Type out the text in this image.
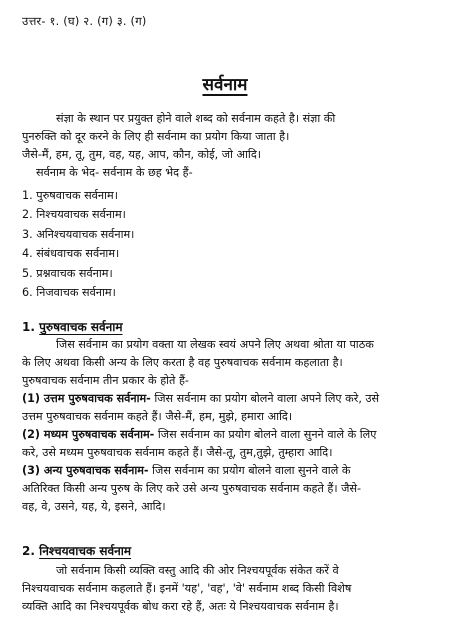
उत्तर- १. (घ) २. (ग) ३. (ग)
सर्वनाम
संज्ञा के स्थान पर प्रयुक्त होने वाले शब्द को सर्वनाम कहते है। संज्ञा की
पुनरुक्ति को दूर करने के लिए ही सर्वनाम का प्रयोग किया जाता है।
जैसे-मैं, हम, तू, तुम, वह, यह, आप, कौन, कोई, जो आदि।
सर्वनाम के भेद- सर्वनाम के छह भेद हैं-
1. पुरुषवाचक सर्वनाम।
2. निश्चयवाचक सर्वनाम।
3. अनिश्चयवाचक सर्वनाम।
4. संबंधवाचक सर्वनाम।
5. प्रश्नवाचक सर्वनाम।
6. निजवाचक सर्वनाम।
1. पुरुषवाचक सर्वनाम
जिस सर्वनाम का प्रयोग वक्ता या लेखक स्वयं अपने लिए अथवा श्रोता या पाठक
के लिए अथवा किसी अन्य के लिए करता है वह पुरुषवाचक सर्वनाम कहलाता है।
पुरुषवाचक सर्वनाम तीन प्रकार के होते हैं-
(1) उत्तम पुरुषवाचक सर्वनाम- जिस सर्वनाम का प्रयोग बोलने वाला अपने लिए करे, उसे
उत्तम पुरुषवाचक सर्वनाम कहते हैं। जैसे-मैं, हम, मुझे, हमारा आदि।
(2) मध्यम पुरुषवाचक सर्वनाम- जिस सर्वनाम का प्रयोग बोलने वाला सुनने वाले के लिए
करे, उसे मध्यम पुरुषवाचक सर्वनाम कहते हैं। जैसे-तू, तुम,तुझे, तुम्हारा आदि।
(3) अन्य पुरुषवाचक सर्वनाम- जिस सर्वनाम का प्रयोग बोलने वाला सुनने वाले के
अतिरिक्त किसी अन्य पुरुष के लिए करे उसे अन्य पुरुषवाचक सर्वनाम कहते हैं। जैसे-
वह, वे, उसने, यह, ये, इसने, आदि।
2. निश्चयवाचक सर्वनाम
जो सर्वनाम किसी व्यक्ति वस्तु आदि की ओर निश्चयपूर्वक संकेत करें वे
निश्चयवाचक सर्वनाम कहलाते हैं। इनमें 'यह', 'वह', 'वे' सर्वनाम शब्द किसी विशेष
व्यक्ति आदि का निश्चयपूर्वक बोध करा रहे हैं, अतः ये निश्चयवाचक सर्वनाम है।
